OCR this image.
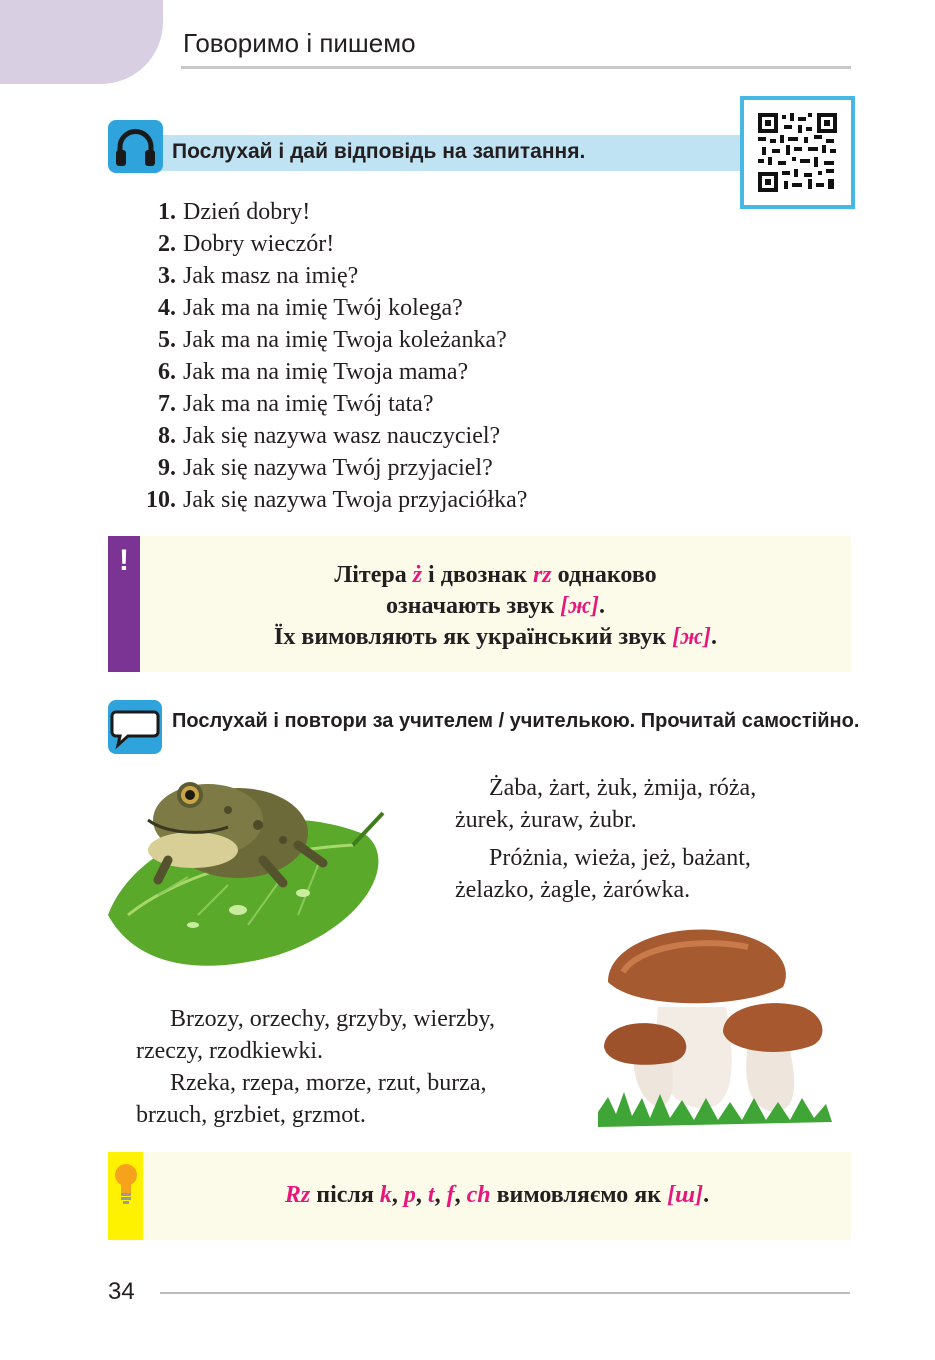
Говоримо і пишемо
Послухай і дай відповідь на запитання.
1. Dzień dobry!
2. Dobry wieczór!
3. Jak masz na imię?
4. Jak ma na imię Twój kolega?
5. Jak ma na imię Twoja koleżanka?
6. Jak ma na imię Twoja mama?
7. Jak ma na imię Twój tata?
8. Jak się nazywa wasz nauczyciel?
9. Jak się nazywa Twój przyjaciel?
10. Jak się nazywa Twoja przyjaciółka?
!	Літера ż і двознак rz однаково
означають звук [ж].
Їх вимовляють як український звук [ж].
Послухай і повтори за учителем / учителькою. Прочитай самостійно.
Żaba, żart, żuk, żmija, róża,
żurek, żuraw, żubr.
Próżnia, wieża, jeż, bażant,
żelazko, żagle, żarówka.
Brzozy, orzechy, grzyby, wierzby,
rzeczy, rzodkiewki.
Rzeka, rzepa, morze, rzut, burza,
brzuch, grzbiet, grzmot.
Rz після k, p, t, f, ch вимовляємо як [ш].
34
